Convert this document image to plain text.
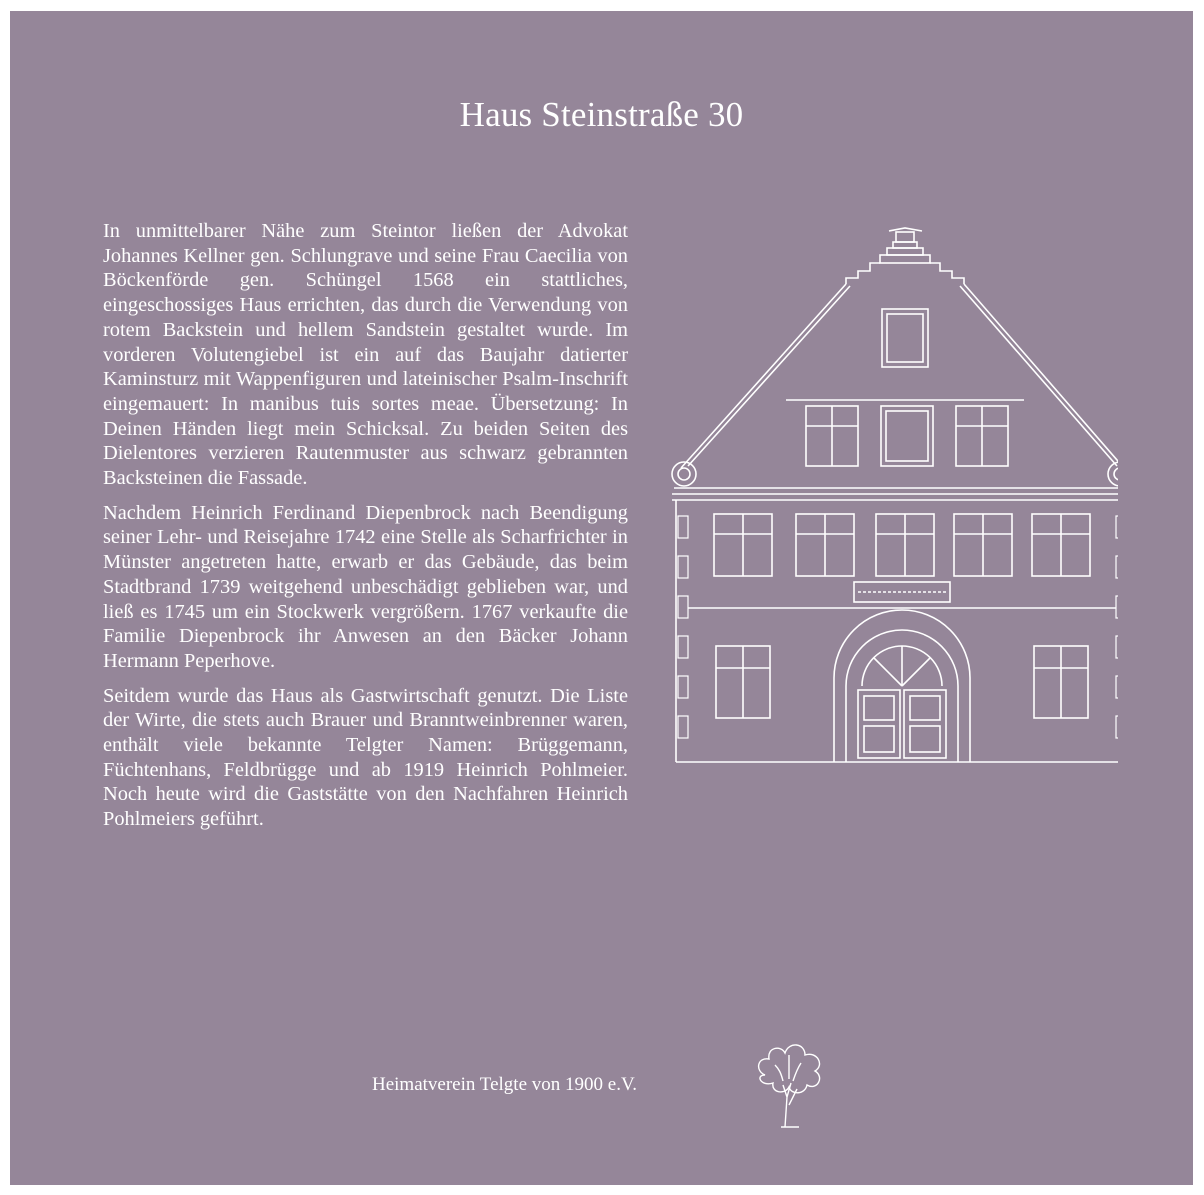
Haus Steinstraße 30

In unmittelbarer Nähe zum Steintor ließen der Advokat Johannes Kellner gen. Schlungrave und seine Frau Caecilia von Böckenförde gen. Schüngel 1568 ein stattliches, eingeschossiges Haus errichten, das durch die Verwendung von rotem Backstein und hellem Sandstein gestaltet wurde. Im vorderen Volutengiebel ist ein auf das Baujahr datierter Kaminsturz mit Wappenfiguren und lateinischer Psalm-Inschrift eingemauert: In manibus tuis sortes meae. Übersetzung: In Deinen Händen liegt mein Schicksal. Zu beiden Seiten des Dielentores verzieren Rautenmuster aus schwarz gebrannten Backsteinen die Fassade.

Nachdem Heinrich Ferdinand Diepenbrock nach Beendigung seiner Lehr- und Reisejahre 1742 eine Stelle als Scharfrichter in Münster angetreten hatte, erwarb er das Gebäude, das beim Stadtbrand 1739 weitgehend unbeschädigt geblieben war, und ließ es 1745 um ein Stockwerk vergrößern. 1767 verkaufte die Familie Diepenbrock ihr Anwesen an den Bäcker Johann Hermann Peperhove.

Seitdem wurde das Haus als Gastwirtschaft genutzt. Die Liste der Wirte, die stets auch Brauer und Branntweinbrenner waren, enthält viele bekannte Telgter Namen: Brüggemann, Füchtenhans, Feldbrügge und ab 1919 Heinrich Pohlmeier. Noch heute wird die Gaststätte von den Nachfahren Heinrich Pohlmeiers geführt.

Heimatverein Telgte von 1900 e.V.
